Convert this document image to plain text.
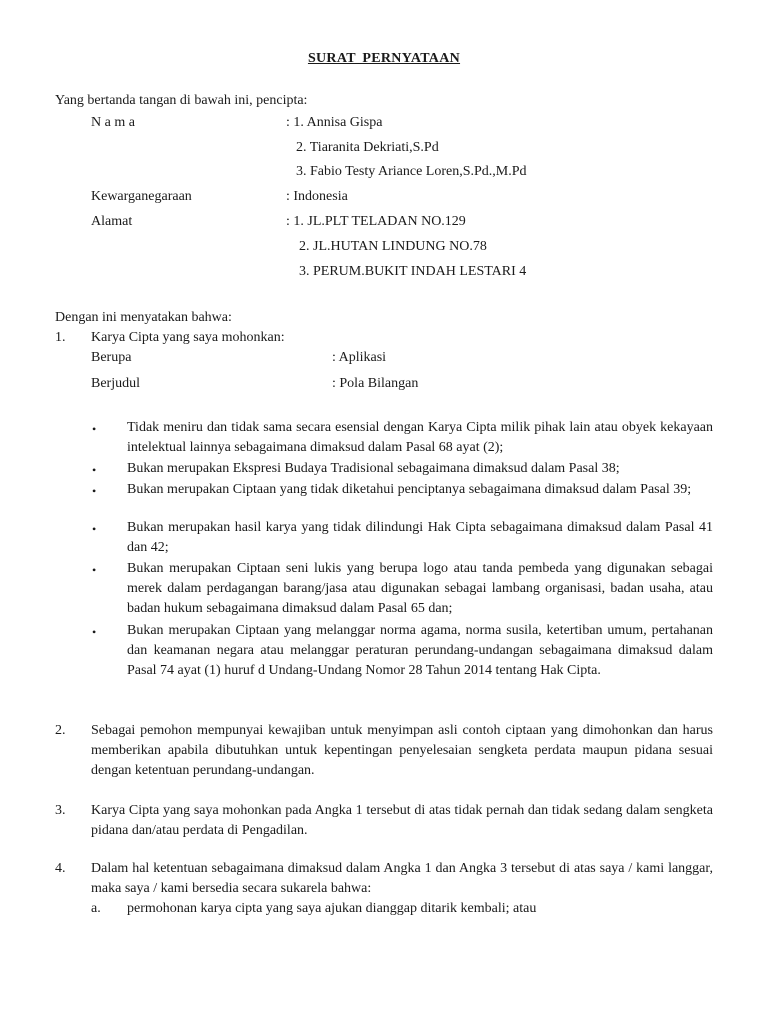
SURAT PERNYATAAN
Yang bertanda tangan di bawah ini, pencipta:
N a m a	: 1. Annisa Gispa
2. Tiaranita Dekriati,S.Pd
3. Fabio Testy Ariance Loren,S.Pd.,M.Pd
Kewarganegaraan	: Indonesia
Alamat	: 1. JL.PLT TELADAN NO.129
2. JL.HUTAN LINDUNG NO.78
3. PERUM.BUKIT INDAH LESTARI 4
Dengan ini menyatakan bahwa:
1. Karya Cipta yang saya mohonkan:
Berupa	: Aplikasi
Berjudul	: Pola Bilangan
• Tidak meniru dan tidak sama secara esensial dengan Karya Cipta milik pihak lain atau obyek kekayaan intelektual lainnya sebagaimana dimaksud dalam Pasal 68 ayat (2);
• Bukan merupakan Ekspresi Budaya Tradisional sebagaimana dimaksud dalam Pasal 38;
• Bukan merupakan Ciptaan yang tidak diketahui penciptanya sebagaimana dimaksud dalam Pasal 39;
• Bukan merupakan hasil karya yang tidak dilindungi Hak Cipta sebagaimana dimaksud dalam Pasal 41 dan 42;
• Bukan merupakan Ciptaan seni lukis yang berupa logo atau tanda pembeda yang digunakan sebagai merek dalam perdagangan barang/jasa atau digunakan sebagai lambang organisasi, badan usaha, atau badan hukum sebagaimana dimaksud dalam Pasal 65 dan;
• Bukan merupakan Ciptaan yang melanggar norma agama, norma susila, ketertiban umum, pertahanan dan keamanan negara atau melanggar peraturan perundang-undangan sebagaimana dimaksud dalam Pasal 74 ayat (1) huruf d Undang-Undang Nomor 28 Tahun 2014 tentang Hak Cipta.
2. Sebagai pemohon mempunyai kewajiban untuk menyimpan asli contoh ciptaan yang dimohonkan dan harus memberikan apabila dibutuhkan untuk kepentingan penyelesaian sengketa perdata maupun pidana sesuai dengan ketentuan perundang-undangan.
3. Karya Cipta yang saya mohonkan pada Angka 1 tersebut di atas tidak pernah dan tidak sedang dalam sengketa pidana dan/atau perdata di Pengadilan.
4. Dalam hal ketentuan sebagaimana dimaksud dalam Angka 1 dan Angka 3 tersebut di atas saya / kami langgar, maka saya / kami bersedia secara sukarela bahwa:
a. permohonan karya cipta yang saya ajukan dianggap ditarik kembali; atau
